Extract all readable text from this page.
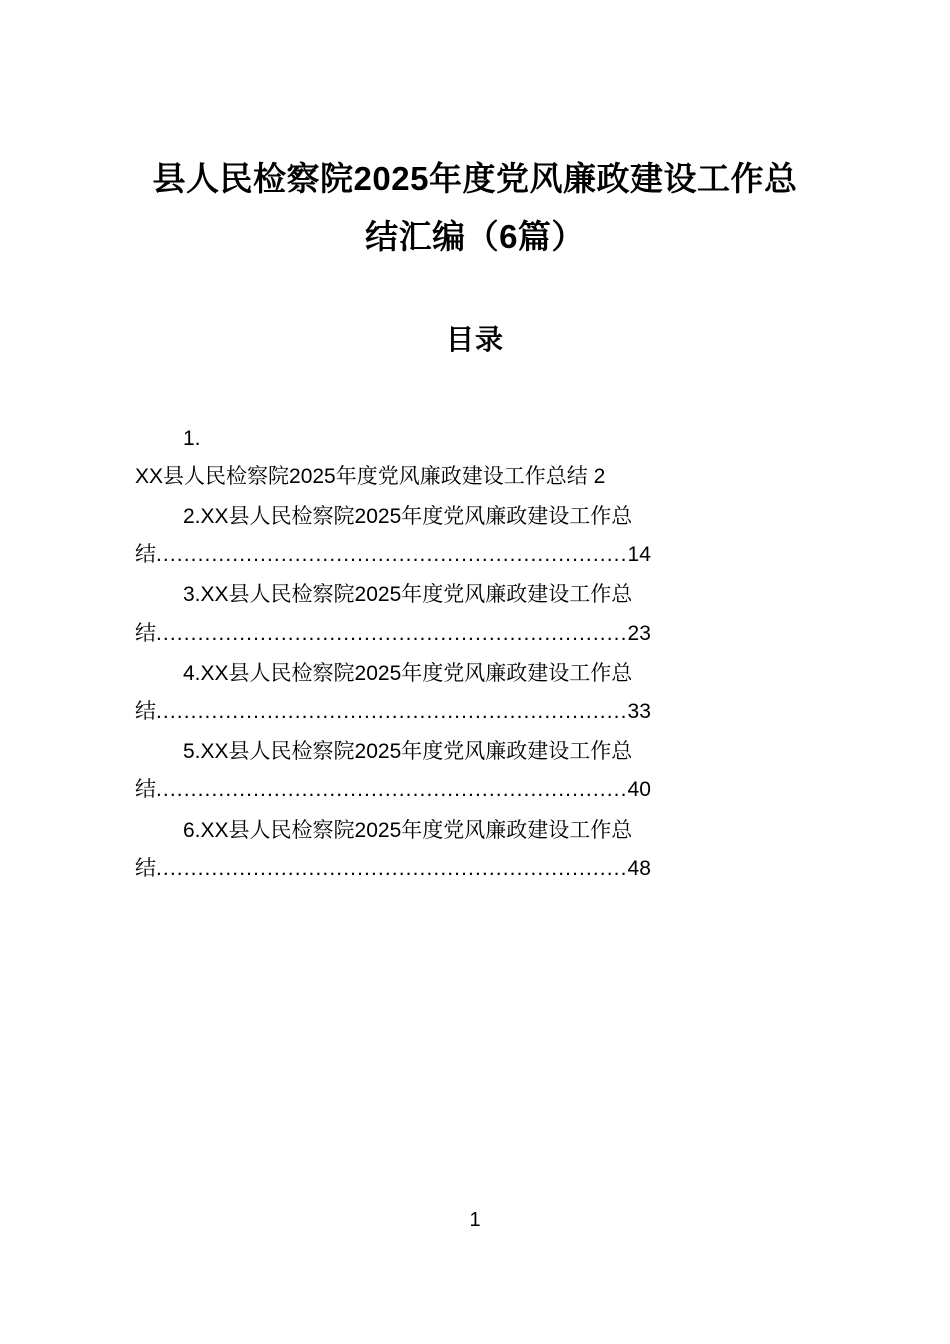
县人民检察院2025年度党风廉政建设工作总结汇编（6篇）
目录
1.
XX县人民检察院2025年度党风廉政建设工作总结 2
2.XX县人民检察院2025年度党风廉政建设工作总结....................................................................14
3.XX县人民检察院2025年度党风廉政建设工作总结....................................................................23
4.XX县人民检察院2025年度党风廉政建设工作总结....................................................................33
5.XX县人民检察院2025年度党风廉政建设工作总结....................................................................40
6.XX县人民检察院2025年度党风廉政建设工作总结....................................................................48
1
